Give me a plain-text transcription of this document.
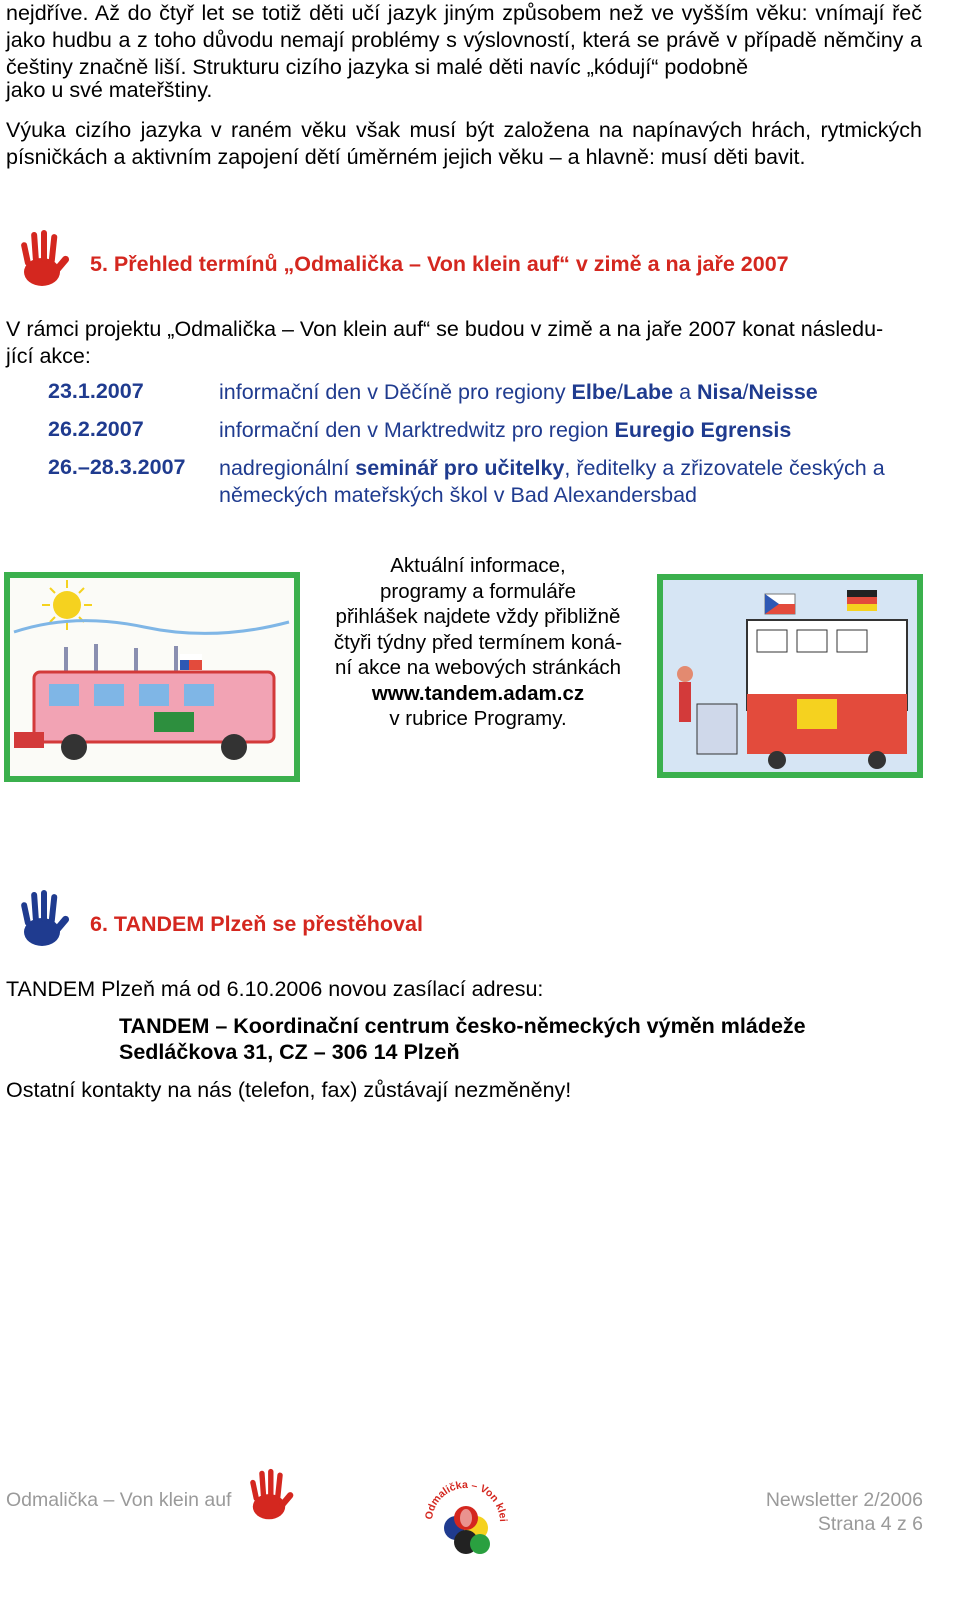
nejdříve. Až do čtyř let se totiž děti učí jazyk jiným způsobem než ve vyšším věku: vnímají řeč jako hudbu a z toho důvodu nemají problémy s výslovností, která se právě v případě němčiny a češtiny značně liší. Strukturu cizího jazyka si malé děti navíc „kódují“ podobně
jako u své mateřštiny.
Výuka cizího jazyka v raném věku však musí být založena na napínavých hrách, rytmických písničkách a aktivním zapojení dětí úměrném jejich věku – a hlavně: musí děti bavit.
5. Přehled termínů „Odmalička – Von klein auf“ v zimě a na jaře 2007
V rámci projektu „Odmalička – Von klein auf“ se budou v zimě a na jaře 2007 konat následu-
jící akce:
23.1.2007	informační den v Děčíně pro regiony Elbe/Labe a Nisa/Neisse
26.2.2007	informační den v Marktredwitz pro region Euregio Egrensis
26.–28.3.2007 nadregionální seminář pro učitelky, ředitelky a zřizovatele českých a
německých mateřských škol v Bad Alexandersbad
Aktuální informace,
programy a formuláře
přihlášek najdete vždy přibližně
čtyři týdny před termínem koná-
ní akce na webových stránkách
www.tandem.adam.cz
v rubrice Programy.
6. TANDEM Plzeň se přestěhoval
TANDEM Plzeň má od 6.10.2006 novou zasílací adresu:
TANDEM – Koordinační centrum česko-německých výměn mládeže
Sedláčkova 31, CZ – 306 14 Plzeň
Ostatní kontakty na nás (telefon, fax) zůstávají nezměněny!
Odmalička – Von klein auf
Odmalička – Von klei
Newsletter 2/2006
Strana 4 z 6
